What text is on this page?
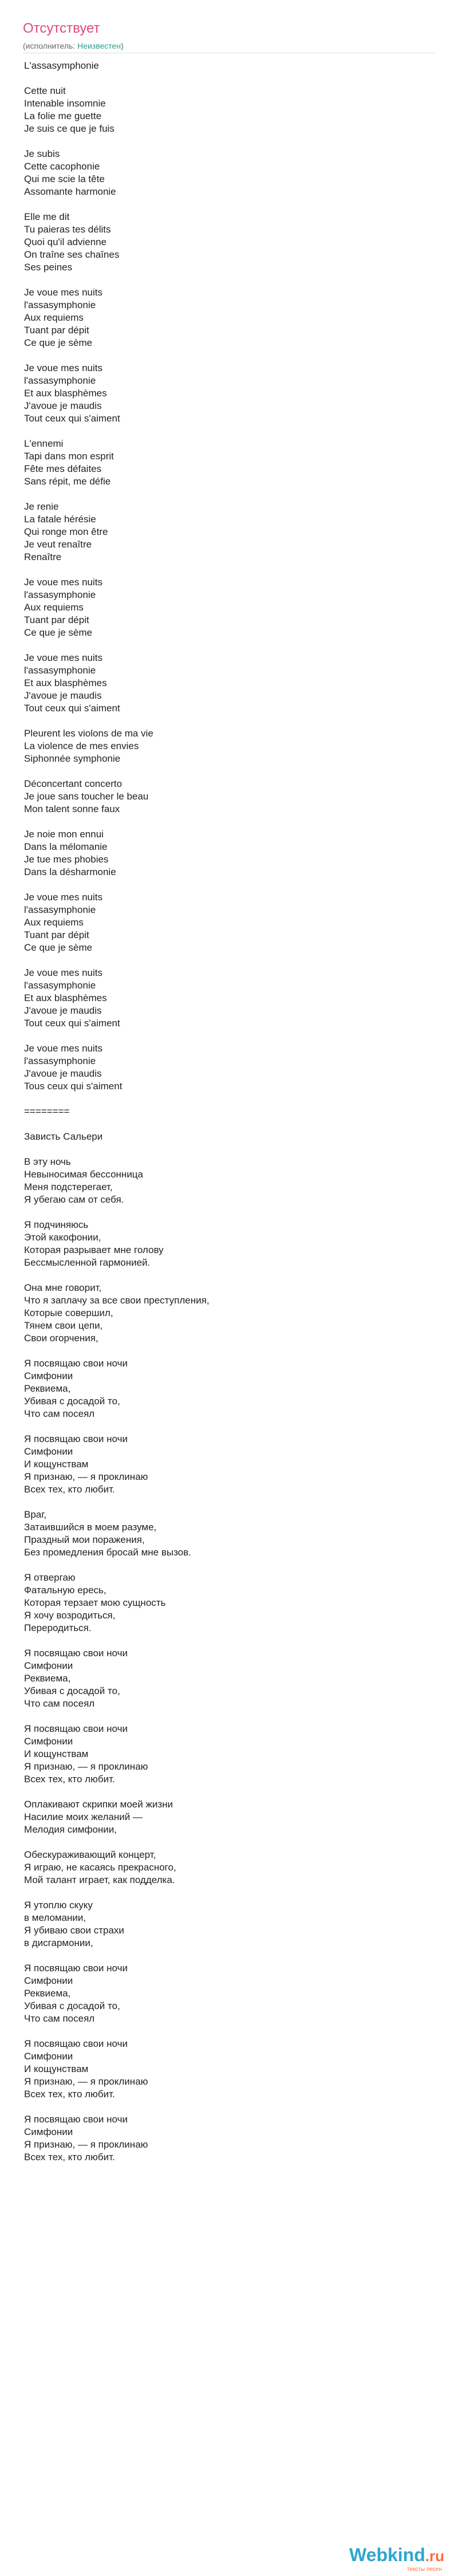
Отсутствует
(исполнитель: Неизвестен)
L'assasymphonie

Cette nuit
Intenable insomnie
La folie me guette
Je suis ce que je fuis

Je subis
Cette cacophonie
Qui me scie la tête
Assomante harmonie

Elle me dit
Tu paieras tes délits
Quoi qu'il advienne
On traîne ses chaînes
Ses peines

Je voue mes nuits
l'assasymphonie
Aux requiems
Tuant par dépit
Ce que je sème

Je voue mes nuits
l'assasymphonie
Et aux blasphèmes
J'avoue je maudis
Tout ceux qui s'aiment

L'ennemi
Tapi dans mon esprit
Fête mes défaites
Sans répit, me défie

Je renie
La fatale hérésie
Qui ronge mon être
Je veut renaître
Renaître

Je voue mes nuits
l'assasymphonie
Aux requiems
Tuant par dépit
Ce que je sème

Je voue mes nuits
l'assasymphonie
Et aux blasphèmes
J'avoue je maudis
Tout ceux qui s'aiment

Pleurent les violons de ma vie
La violence de mes envies
Siphonnée symphonie

Déconcertant concerto
Je joue sans toucher le beau
Mon talent sonne faux

Je noie mon ennui
Dans la mélomanie
Je tue mes phobies
Dans la désharmonie

Je voue mes nuits
l'assasymphonie
Aux requiems
Tuant par dépit
Ce que je sème

Je voue mes nuits
l'assasymphonie
Et aux blasphèmes
J'avoue je maudis
Tout ceux qui s'aiment

Je voue mes nuits
l'assasymphonie
J'avoue je maudis
Tous ceux qui s'aiment

========

Зависть Сальери

В эту ночь
Невыносимая бессонница
Меня подстерегает,
Я убегаю сам от себя.

Я подчиняюсь
Этой какофонии,
Которая разрывает мне голову
Бессмысленной гармонией.

Она мне говорит,
Что я заплачу за все свои преступления,
Которые совершил,
Тянем свои цепи,
Свои огорчения,

Я посвящаю свои ночи
Симфонии
Реквиема,
Убивая с досадой то,
Что сам посеял

Я посвящаю свои ночи
Симфонии
И кощунствам
Я признаю, — я проклинаю
Всех тех, кто любит.

Враг,
Затаившийся в моем разуме,
Праздный мои поражения,
Без промедления бросай мне вызов.

Я отвергаю
Фатальную ересь,
Которая терзает мою сущность
Я хочу возродиться,
Переродиться.

Я посвящаю свои ночи
Симфонии
Реквиема,
Убивая с досадой то,
Что сам посеял

Я посвящаю свои ночи
Симфонии
И кощунствам
Я признаю, — я проклинаю
Всех тех, кто любит.

Оплакивают скрипки моей жизни
Насилие моих желаний —
Мелодия симфонии,

Обескураживающий концерт,
Я играю, не касаясь прекрасного,
Мой талант играет, как подделка.

Я утоплю скуку
в меломании,
Я убиваю свои страхи
в дисгармонии,

Я посвящаю свои ночи
Симфонии
Реквиема,
Убивая с досадой то,
Что сам посеял

Я посвящаю свои ночи
Симфонии
И кощунствам
Я признаю, — я проклинаю
Всех тех, кто любит.

Я посвящаю свои ночи
Симфонии
Я признаю, — я проклинаю
Всех тех, кто любит.
Webkind.ru
тексты песен
